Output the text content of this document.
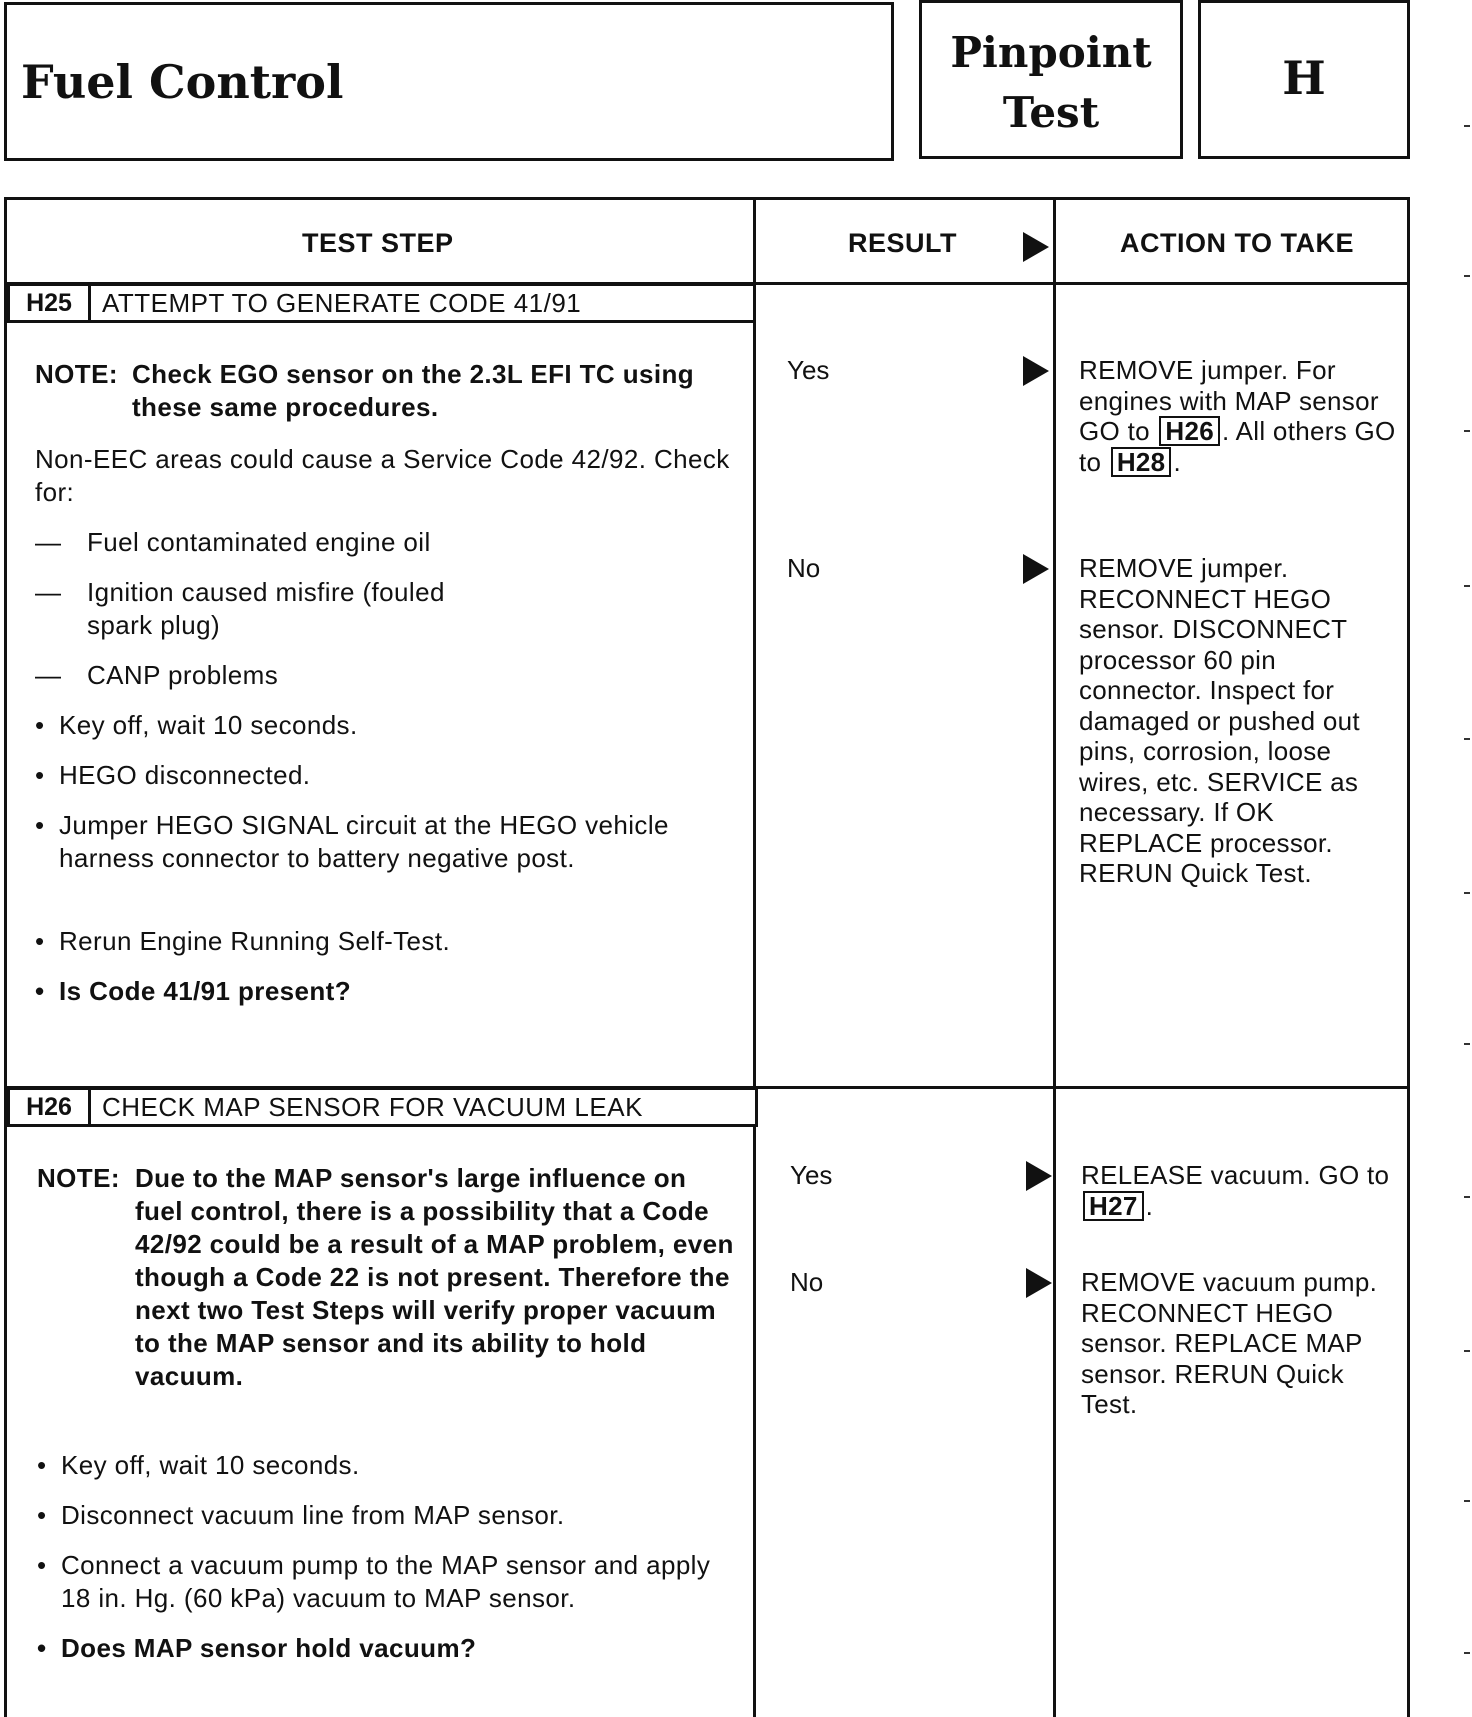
Fuel Control
Pinpoint Test
H
TEST STEP	RESULT	ACTION TO TAKE
H25	ATTEMPT TO GENERATE CODE 41/91
NOTE: Check EGO sensor on the 2.3L EFI TC using these same procedures.
Non-EEC areas could cause a Service Code 42/92. Check for:
— Fuel contaminated engine oil
— Ignition caused misfire (fouled spark plug)
— CANP problems
• Key off, wait 10 seconds.
• HEGO disconnected.
• Jumper HEGO SIGNAL circuit at the HEGO vehicle harness connector to battery negative post.
• Rerun Engine Running Self-Test.
• Is Code 41/91 present?
Yes	REMOVE jumper. For engines with MAP sensor GO to H26 . All others GO to H28 .
No	REMOVE jumper. RECONNECT HEGO sensor. DISCONNECT processor 60 pin connector. Inspect for damaged or pushed out pins, corrosion, loose wires, etc. SERVICE as necessary. If OK REPLACE processor. RERUN Quick Test.
H26	CHECK MAP SENSOR FOR VACUUM LEAK
NOTE: Due to the MAP sensor's large influence on fuel control, there is a possibility that a Code 42/92 could be a result of a MAP problem, even though a Code 22 is not present. Therefore the next two Test Steps will verify proper vacuum to the MAP sensor and its ability to hold vacuum.
• Key off, wait 10 seconds.
• Disconnect vacuum line from MAP sensor.
• Connect a vacuum pump to the MAP sensor and apply 18 in. Hg. (60 kPa) vacuum to MAP sensor.
• Does MAP sensor hold vacuum?
Yes	RELEASE vacuum. GO to H27 .
No	REMOVE vacuum pump. RECONNECT HEGO sensor. REPLACE MAP sensor. RERUN Quick Test.
